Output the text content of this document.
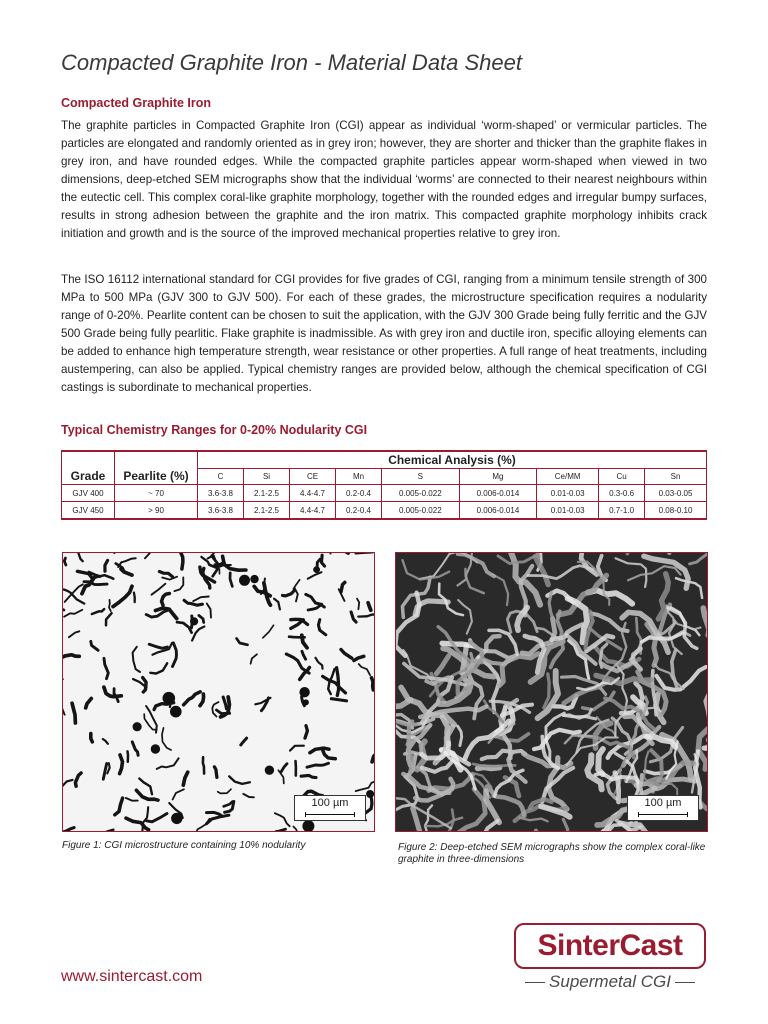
Compacted Graphite Iron - Material Data Sheet
Compacted Graphite Iron

The graphite particles in Compacted Graphite Iron (CGI) appear as individual ‘worm-shaped’ or vermicular particles. The particles are elongated and randomly oriented as in grey iron; however, they are shorter and thicker than the graphite flakes in grey iron, and have rounded edges. While the compacted graphite particles appear worm-shaped when viewed in two dimensions, deep-etched SEM micrographs show that the individual ‘worms’ are connected to their nearest neighbours within the eutectic cell. This complex coral-like graphite morphology, together with the rounded edges and irregular bumpy surfaces, results in strong adhesion between the graphite and the iron matrix. This compacted graphite morphology inhibits crack initiation and growth and is the source of the improved mechanical properties relative to grey iron.

The ISO 16112 international standard for CGI provides for five grades of CGI, ranging from a minimum tensile strength of 300 MPa to 500 MPa (GJV 300 to GJV 500). For each of these grades, the microstructure specification requires a nodularity range of 0-20%. Pearlite content can be chosen to suit the application, with the GJV 300 Grade being fully ferritic and the GJV 500 Grade being fully pearlitic. Flake graphite is inadmissible. As with grey iron and ductile iron, specific alloying elements can be added to enhance high temperature strength, wear resistance or other properties. A full range of heat treatments, including austempering, can also be applied. Typical chemistry ranges are provided below, although the chemical specification of CGI castings is subordinate to mechanical properties.

Typical Chemistry Ranges for 0-20% Nodularity CGI
Grade	Pearlite (%)	Chemical Analysis (%)								
		C	Si	CE	Mn	S	Mg	Ce/MM	Cu	Sn
GJV 400	~ 70	3.6-3.8	2.1-2.5	4.4-4.7	0.2-0.4	0.005-0.022	0.006-0.014	0.01-0.03	0.3-0.6	0.03-0.05
GJV 450	> 90	3.6-3.8	2.1-2.5	4.4-4.7	0.2-0.4	0.005-0.022	0.006-0.014	0.01-0.03	0.7-1.0	0.08-0.10
100 µm

Figure 1: CGI microstructure containing 10% nodularity

100 µm

Figure 2: Deep-etched SEM micrographs show the complex coral-like graphite in three-dimensions

www.sintercast.com
SinterCast
Supermetal CGI
